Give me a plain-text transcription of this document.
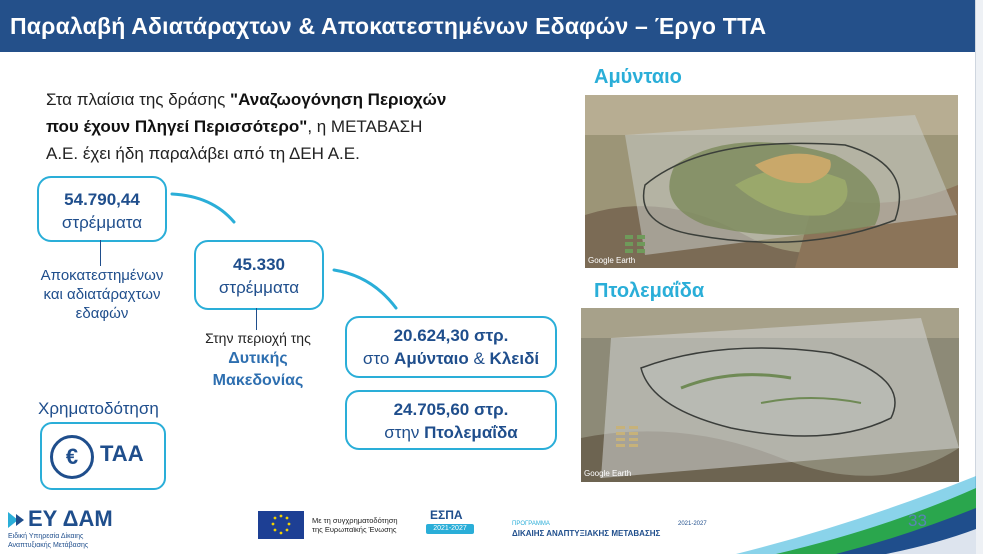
Παραλαβή Αδιατάραχτων & Αποκατεστημένων Εδαφών – Έργο ΤΤΑ
Στα πλαίσια της δράσης "Αναζωογόνηση Περιοχών
που έχουν Πληγεί Περισσότερο", η ΜΕΤΑΒΑΣΗ
Α.Ε. έχει ήδη παραλάβει από τη ΔΕΗ Α.Ε.
54.790,44
στρέμματα
Αποκατεστημένων
και αδιατάραχτων
εδαφών
45.330
στρέμματα
Στην περιοχή της
Δυτικής
Μακεδονίας
20.624,30 στρ.
στο Αμύνταιο & Κλειδί
24.705,60 στρ.
στην Πτολεμαΐδα
Χρηματοδότηση
€ ΤΑΑ
Αμύνταιο
Πτολεμαΐδα
Google Earth
Google Earth
ΕΥ ΔΑΜ
Ειδική Υπηρεσία Δίκαιης
Αναπτυξιακής Μετάβασης
Με τη συγχρηματοδότηση
της Ευρωπαϊκής Ένωσης
ΕΣΠΑ
2021-2027
ΠΡΟΓΡΑΜΜΑ	2021-2027
ΔΙΚΑΙΗΣ ΑΝΑΠΤΥΞΙΑΚΗΣ ΜΕΤΑΒΑΣΗΣ
33
